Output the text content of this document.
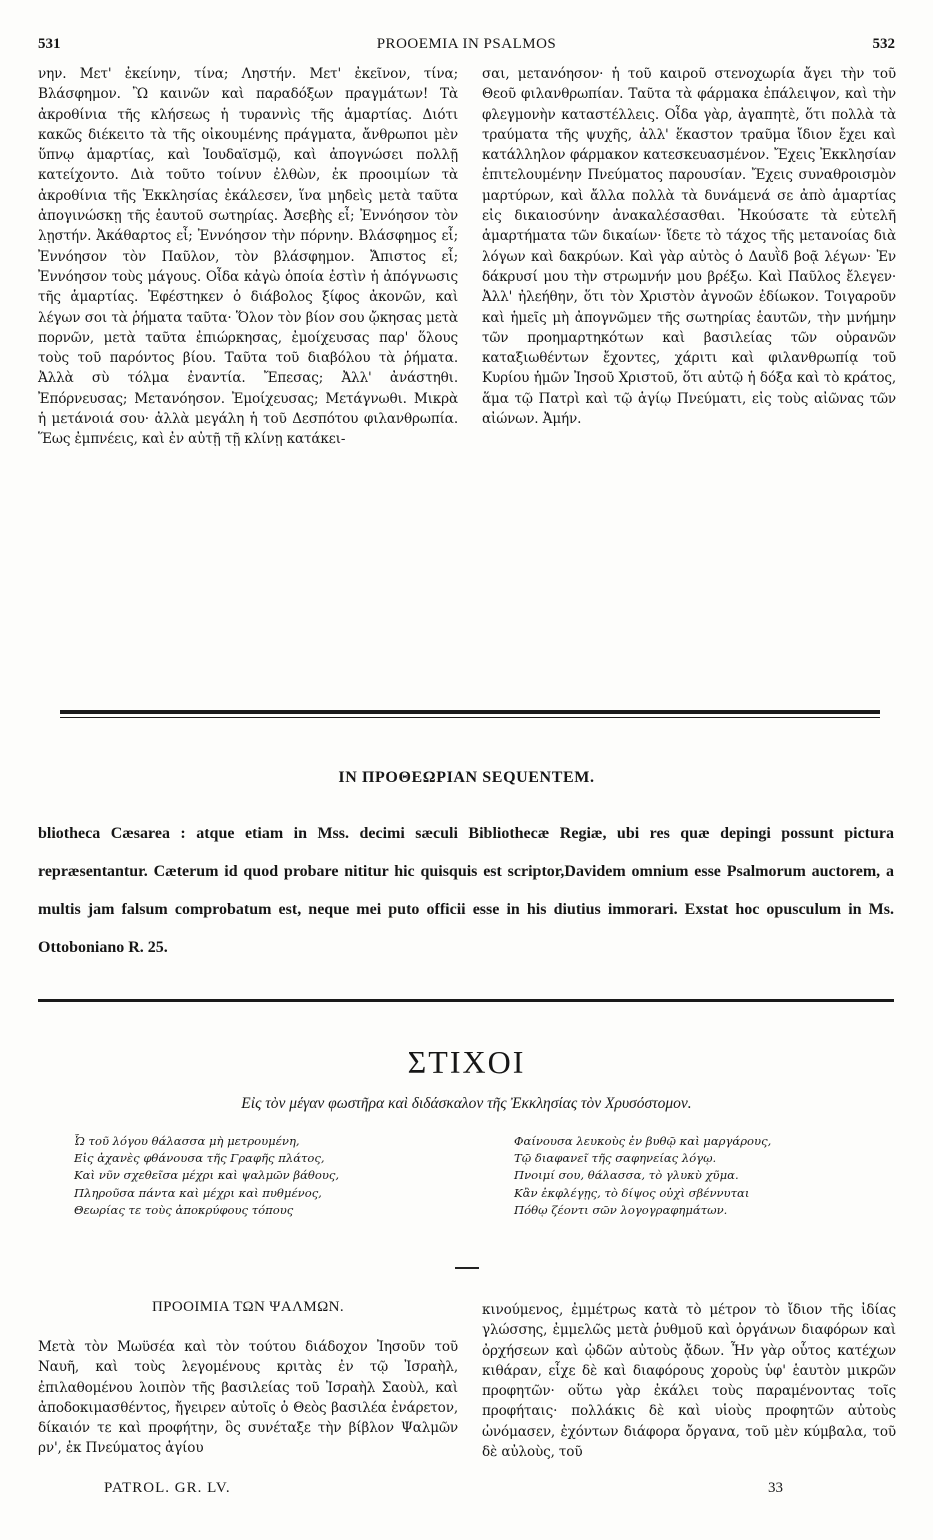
531	PROOEMIA IN PSALMOS	532

νην. Μετ' ἐκείνην, τίνα; Ληστήν. Μετ' ἐκεῖνον, τίνα; Βλάσφημον. Ὢ καινῶν καὶ παραδόξων πραγμάτων! Τὰ ἀκροθίνια τῆς κλήσεως ἡ τυραννὶς τῆς ἁμαρτίας. Διότι κακῶς διέκειτο τὰ τῆς οἰκουμένης πράγματα, ἄνθρωποι μὲν ὕπνῳ ἁμαρτίας, καὶ Ἰουδαϊσμῷ, καὶ ἀπογνώσει πολλῇ κατείχοντο. Διὰ τοῦτο τοίνυν ἐλθὼν, ἐκ προοιμίων τὰ ἀκροθίνια τῆς Ἐκκλησίας ἐκάλεσεν, ἵνα μηδεὶς μετὰ ταῦτα ἀπογινώσκῃ τῆς ἑαυτοῦ σωτηρίας. Ἀσεβὴς εἶ; Ἐννόησον τὸν λῃστήν. Ἀκάθαρτος εἶ; Ἐννόησον τὴν πόρνην. Βλάσφημος εἶ; Ἐννόησον τὸν Παῦλον, τὸν βλάσφημον. Ἄπιστος εἶ; Ἐννόησον τοὺς μάγους. Οἶδα κἀγὼ ὁποία ἐστὶν ἡ ἀπόγνωσις τῆς ἁμαρτίας. Ἐφέστηκεν ὁ διάβολος ξίφος ἀκονῶν, καὶ λέγων σοι τὰ ῥήματα ταῦτα· Ὅλον τὸν βίον σου ᾤκησας μετὰ πορνῶν, μετὰ ταῦτα ἐπιώρκησας, ἐμοίχευσας παρ' ὅλους τοὺς τοῦ παρόντος βίου. Ταῦτα τοῦ διαβόλου τὰ ῥήματα. Ἀλλὰ σὺ τόλμα ἐναντία. Ἔπεσας; Ἀλλ' ἀνάστηθι. Ἐπόρνευσας; Μετανόησον. Ἐμοίχευσας; Μετάγνωθι. Μικρὰ ἡ μετάνοιά σου· ἀλλὰ μεγάλη ἡ τοῦ Δεσπότου φιλανθρωπία. Ἕως ἐμπνέεις, καὶ ἐν αὐτῇ τῇ κλίνῃ κατάκει-

σαι, μετανόησον· ἡ τοῦ καιροῦ στενοχωρία ἄγει τὴν τοῦ Θεοῦ φιλανθρωπίαν. Ταῦτα τὰ φάρμακα ἐπάλειψον, καὶ τὴν φλεγμονὴν καταστέλλεις. Οἶδα γὰρ, ἀγαπητὲ, ὅτι πολλὰ τὰ τραύματα τῆς ψυχῆς, ἀλλ' ἕκαστον τραῦμα ἴδιον ἔχει καὶ κατάλληλον φάρμακον κατεσκευασμένον. Ἔχεις Ἐκκλησίαν ἐπιτελουμένην Πνεύματος παρουσίαν. Ἔχεις συναθροισμὸν μαρτύρων, καὶ ἄλλα πολλὰ τὰ δυνάμενά σε ἀπὸ ἁμαρτίας εἰς δικαιοσύνην ἀνακαλέσασθαι. Ἠκούσατε τὰ εὐτελῆ ἁμαρτήματα τῶν δικαίων· ἴδετε τὸ τάχος τῆς μετανοίας διὰ λόγων καὶ δακρύων. Καὶ γὰρ αὐτὸς ὁ Δαυῒδ βοᾷ λέγων· Ἐν δάκρυσί μου τὴν στρωμνήν μου βρέξω. Καὶ Παῦλος ἔλεγεν· Ἀλλ' ἠλεήθην, ὅτι τὸν Χριστὸν ἀγνοῶν ἐδίωκον. Τοιγαροῦν καὶ ἡμεῖς μὴ ἀπογνῶμεν τῆς σωτηρίας ἑαυτῶν, τὴν μνήμην τῶν προημαρτηκότων καὶ βασιλείας τῶν οὐρανῶν καταξιωθέντων ἔχοντες, χάριτι καὶ φιλανθρωπίᾳ τοῦ Κυρίου ἡμῶν Ἰησοῦ Χριστοῦ, ὅτι αὐτῷ ἡ δόξα καὶ τὸ κράτος, ἅμα τῷ Πατρὶ καὶ τῷ ἁγίῳ Πνεύματι, εἰς τοὺς αἰῶνας τῶν αἰώνων. Ἀμήν.

IN ΠΡΟΘΕΩΡΙΑΝ SEQUENTEM.
bliotheca Cæsarea : atque etiam in Mss. decimi sæculi Bibliothecæ Regiæ, ubi res quæ depingi possunt pictura repræsentantur. Cæterum id quod probare nititur hic quisquis est scriptor,Davidem omnium esse Psalmorum auctorem, a multis jam falsum comprobatum est, neque mei puto officii esse in his diutius immorari. Exstat hoc opusculum in Ms. Ottoboniano R. 25.
ΣΤΙΧΟΙ
Εἰς τὸν μέγαν φωστῆρα καὶ διδάσκαλον τῆς Ἐκκλησίας τὸν Χρυσόστομον.
Ὦ τοῦ λόγου θάλασσα μὴ μετρουμένη,
Εἰς ἀχανὲς φθάνουσα τῆς Γραφῆς πλάτος,
Καὶ νῦν σχεθεῖσα μέχρι καὶ ψαλμῶν βάθους,
Πληροῦσα πάντα καὶ μέχρι καὶ πυθμένος,
Θεωρίας τε τοὺς ἀποκρύφους τόπους
Φαίνουσα λευκοὺς ἐν βυθῷ καὶ μαργάρους,
Τῷ διαφανεῖ τῆς σαφηνείας λόγῳ.
Πνοιμί σου, θάλασσα, τὸ γλυκὺ χῦμα.
Κἂν ἐκφλέγῃς, τὸ δίψος οὐχὶ σβέννυται
Πόθῳ ζέοντι σῶν λογογραφημάτων.
ΠΡΟΟΙΜΙΑ ΤΩΝ ΨΑΛΜΩΝ.

Μετὰ τὸν Μωϋσέα καὶ τὸν τούτου διάδοχον Ἰησοῦν τοῦ Ναυῆ, καὶ τοὺς λεγομένους κριτὰς ἐν τῷ Ἰσραὴλ, ἐπιλαθομένου λοιπὸν τῆς βασιλείας τοῦ Ἰσραὴλ Σαοὺλ, καὶ ἀποδοκιμασθέντος, ἤγειρεν αὐτοῖς ὁ Θεὸς βασιλέα ἐνάρετον, δίκαιόν τε καὶ προφήτην, ὃς συνέταξε τὴν βίβλον Ψαλμῶν ρν', ἐκ Πνεύματος ἁγίου

κινούμενος, ἐμμέτρως κατὰ τὸ μέτρον τὸ ἴδιον τῆς ἰδίας γλώσσης, ἐμμελῶς μετὰ ῥυθμοῦ καὶ ὀργάνων διαφόρων καὶ ὀρχήσεων καὶ ᾠδῶν αὐτοὺς ᾄδων. Ἦν γὰρ οὗτος κατέχων κιθάραν, εἶχε δὲ καὶ διαφόρους χοροὺς ὑφ' ἑαυτὸν μικρῶν προφητῶν· οὕτω γὰρ ἐκάλει τοὺς παραμένοντας τοῖς προφήταις· πολλάκις δὲ καὶ υἱοὺς προφητῶν αὐτοὺς ὠνόμασεν, ἐχόντων διάφορα ὄργανα, τοῦ μὲν κύμβαλα, τοῦ δὲ αὐλοὺς, τοῦ

PATROL. GR. LV.	33
